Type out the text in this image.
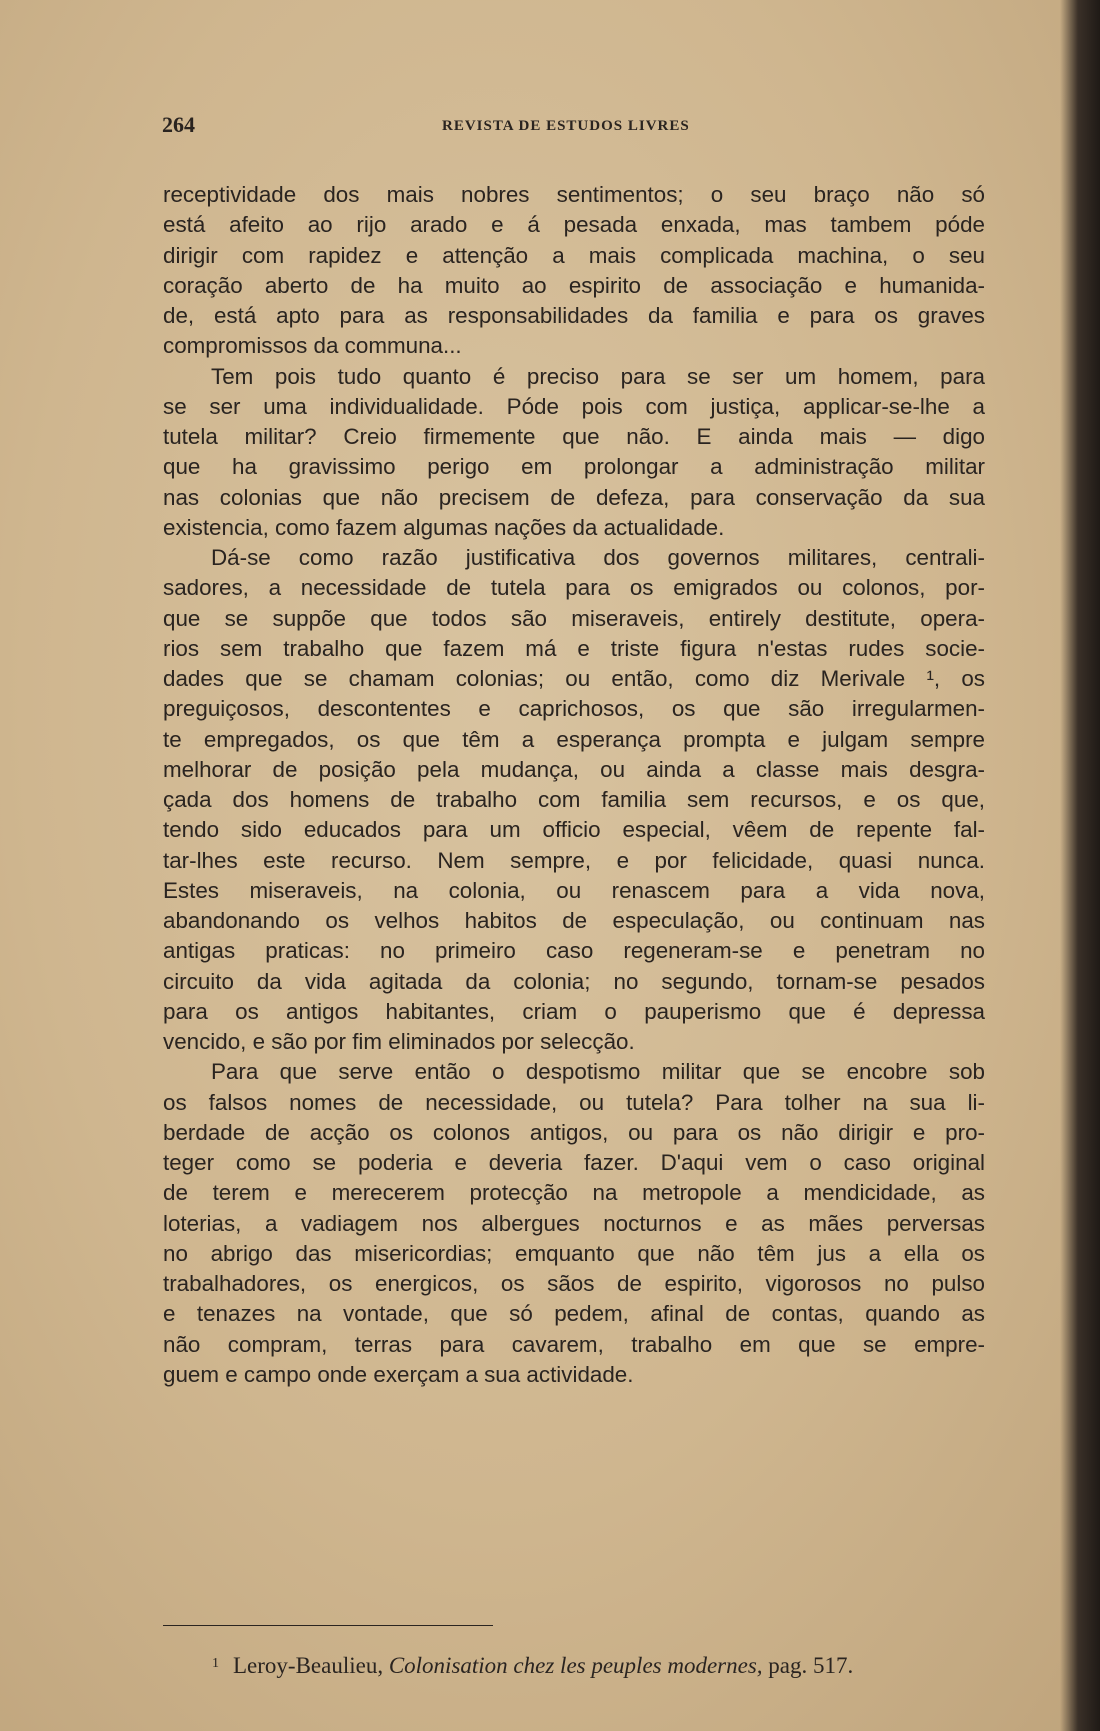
264	REVISTA DE ESTUDOS LIVRES
receptividade dos mais nobres sentimentos; o seu braço não só
está afeito ao rijo arado e á pesada enxada, mas tambem póde
dirigir com rapidez e attenção a mais complicada machina, o seu
coração aberto de ha muito ao espirito de associação e humanida-
de, está apto para as responsabilidades da familia e para os graves
compromissos da communa...
Tem pois tudo quanto é preciso para se ser um homem, para
se ser uma individualidade. Póde pois com justiça, applicar-se-lhe a
tutela militar? Creio firmemente que não. E ainda mais — digo
que ha gravissimo perigo em prolongar a administração militar
nas colonias que não precisem de defeza, para conservação da sua
existencia, como fazem algumas nações da actualidade.
Dá-se como razão justificativa dos governos militares, centrali-
sadores, a necessidade de tutela para os emigrados ou colonos, por-
que se suppõe que todos são miseraveis, entirely destitute, opera-
rios sem trabalho que fazem má e triste figura n'estas rudes socie-
dades que se chamam colonias; ou então, como diz Merivale ¹, os
preguiçosos, descontentes e caprichosos, os que são irregularmen-
te empregados, os que têm a esperança prompta e julgam sempre
melhorar de posição pela mudança, ou ainda a classe mais desgra-
çada dos homens de trabalho com familia sem recursos, e os que,
tendo sido educados para um officio especial, vêem de repente fal-
tar-lhes este recurso. Nem sempre, e por felicidade, quasi nunca.
Estes miseraveis, na colonia, ou renascem para a vida nova,
abandonando os velhos habitos de especulação, ou continuam nas
antigas praticas: no primeiro caso regeneram-se e penetram no
circuito da vida agitada da colonia; no segundo, tornam-se pesados
para os antigos habitantes, criam o pauperismo que é depressa
vencido, e são por fim eliminados por selecção.
Para que serve então o despotismo militar que se encobre sob
os falsos nomes de necessidade, ou tutela? Para tolher na sua li-
berdade de acção os colonos antigos, ou para os não dirigir e pro-
teger como se poderia e deveria fazer. D'aqui vem o caso original
de terem e merecerem protecção na metropole a mendicidade, as
loterias, a vadiagem nos albergues nocturnos e as mães perversas
no abrigo das misericordias; emquanto que não têm jus a ella os
trabalhadores, os energicos, os sãos de espirito, vigorosos no pulso
e tenazes na vontade, que só pedem, afinal de contas, quando as
não compram, terras para cavarem, trabalho em que se empre-
guem e campo onde exerçam a sua actividade.
$^1$ Leroy-Beaulieu, Colonisation chez les peuples modernes, pag. 517.
